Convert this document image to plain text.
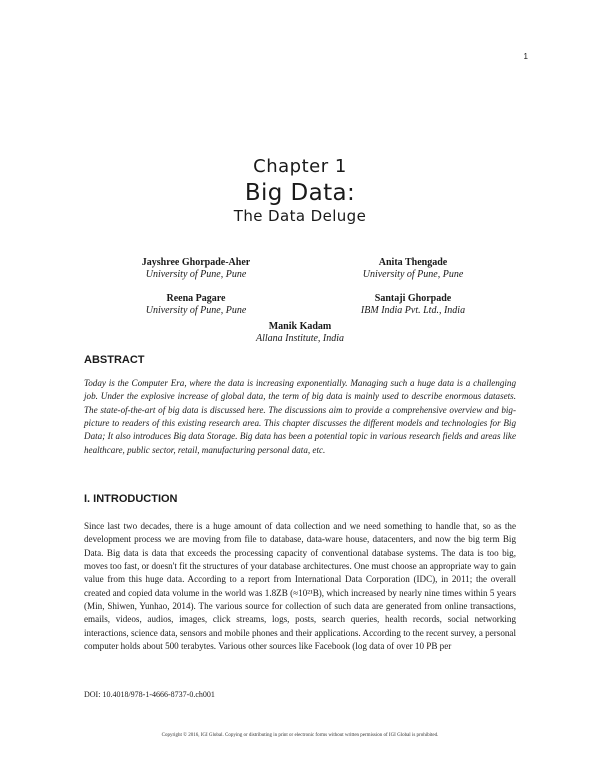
1
Chapter 1
Big Data:
The Data Deluge
Jayshree Ghorpade-Aher
University of Pune, Pune
Anita Thengade
University of Pune, Pune
Reena Pagare
University of Pune, Pune
Santaji Ghorpade
IBM India Pvt. Ltd., India
Manik Kadam
Allana Institute, India
ABSTRACT

Today is the Computer Era, where the data is increasing exponentially. Managing such a huge data is a challenging job. Under the explosive increase of global data, the term of big data is mainly used to describe enormous datasets. The state-of-the-art of big data is discussed here. The discussions aim to provide a comprehensive overview and big-picture to readers of this existing research area. This chapter discusses the different models and technologies for Big Data; It also introduces Big data Storage. Big data has been a potential topic in various research fields and areas like healthcare, public sector, retail, manufacturing personal data, etc.

I. INTRODUCTION

Since last two decades, there is a huge amount of data collection and we need something to handle that, so as the development process we are moving from file to database, data-ware house, datacenters, and now the big term Big Data. Big data is data that exceeds the processing capacity of conventional database systems. The data is too big, moves too fast, or doesn't fit the structures of your database architectures. One must choose an appropriate way to gain value from this huge data. According to a report from International Data Corporation (IDC), in 2011; the overall created and copied data volume in the world was 1.8ZB (≈10²¹B), which increased by nearly nine times within 5 years (Min, Shiwen, Yunhao, 2014). The various source for collection of such data are generated from online transactions, emails, videos, audios, images, click streams, logs, posts, search queries, health records, social networking interactions, science data, sensors and mobile phones and their applications. According to the recent survey, a personal computer holds about 500 terabytes. Various other sources like Facebook (log data of over 10 PB per

DOI: 10.4018/978-1-4666-8737-0.ch001
Copyright © 2016, IGI Global. Copying or distributing in print or electronic forms without written permission of IGI Global is prohibited.
